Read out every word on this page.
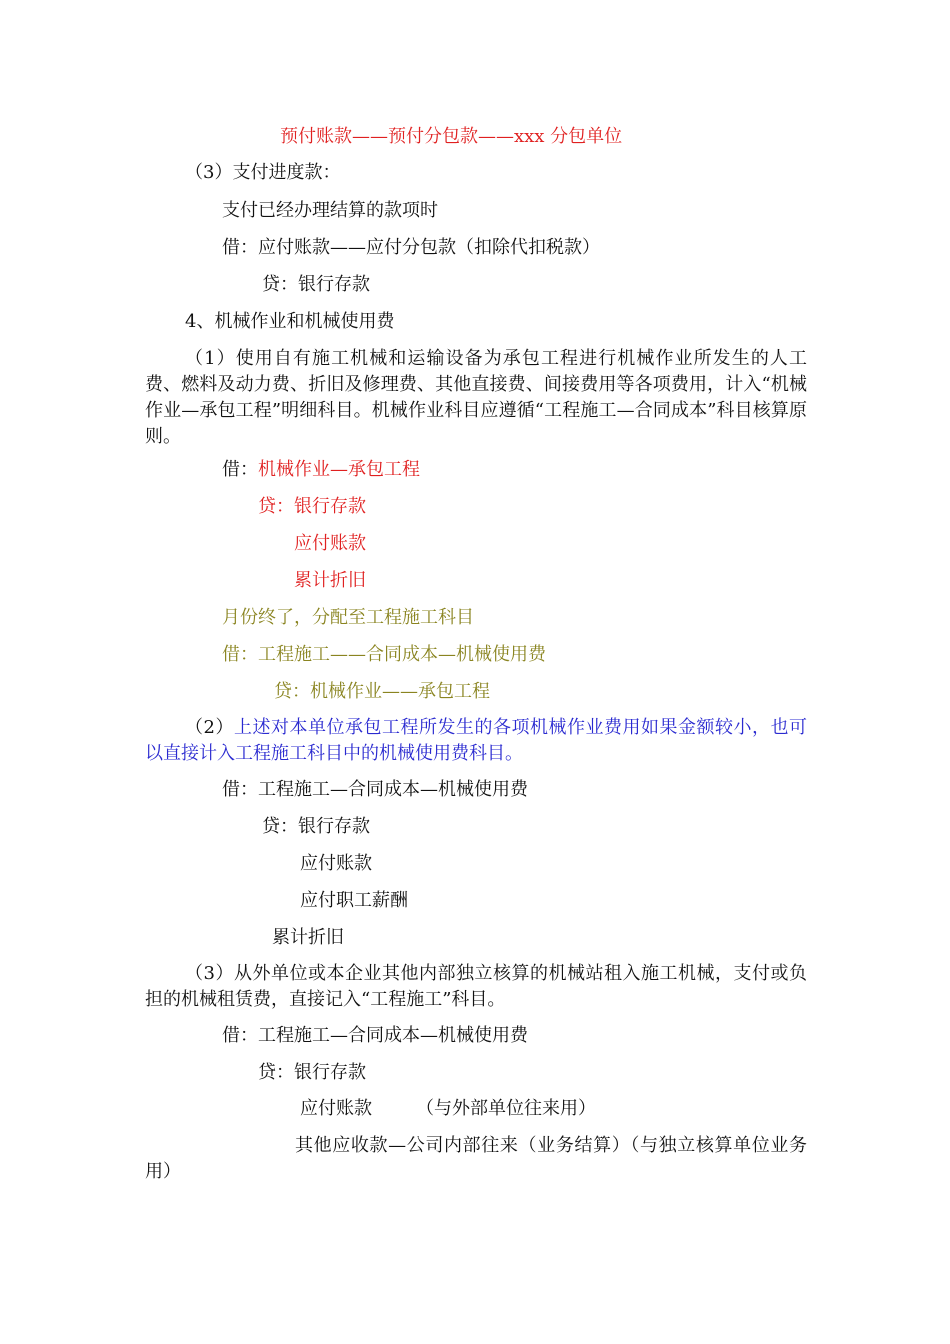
预付账款——预付分包款——xxx 分包单位
（3）支付进度款：
支付已经办理结算的款项时
借：应付账款——应付分包款（扣除代扣税款）
贷：银行存款
4、机械作业和机械使用费
（1）使用自有施工机械和运输设备为承包工程进行机械作业所发生的人工费、燃料及动力费、折旧及修理费、其他直接费、间接费用等各项费用，计入“机械作业—承包工程”明细科目。机械作业科目应遵循“工程施工—合同成本”科目核算原则。
借：机械作业—承包工程
贷：银行存款
应付账款
累计折旧
月份终了，分配至工程施工科目
借：工程施工——合同成本—机械使用费
贷：机械作业——承包工程
（2）上述对本单位承包工程所发生的各项机械作业费用如果金额较小，也可以直接计入工程施工科目中的机械使用费科目。
借：工程施工—合同成本—机械使用费
贷：银行存款
应付账款
应付职工薪酬
累计折旧
（3）从外单位或本企业其他内部独立核算的机械站租入施工机械，支付或负担的机械租赁费，直接记入“工程施工”科目。
借：工程施工—合同成本—机械使用费
贷：银行存款
应付账款 （与外部单位往来用）
其他应收款—公司内部往来（业务结算）（与独立核算单位业务用）
